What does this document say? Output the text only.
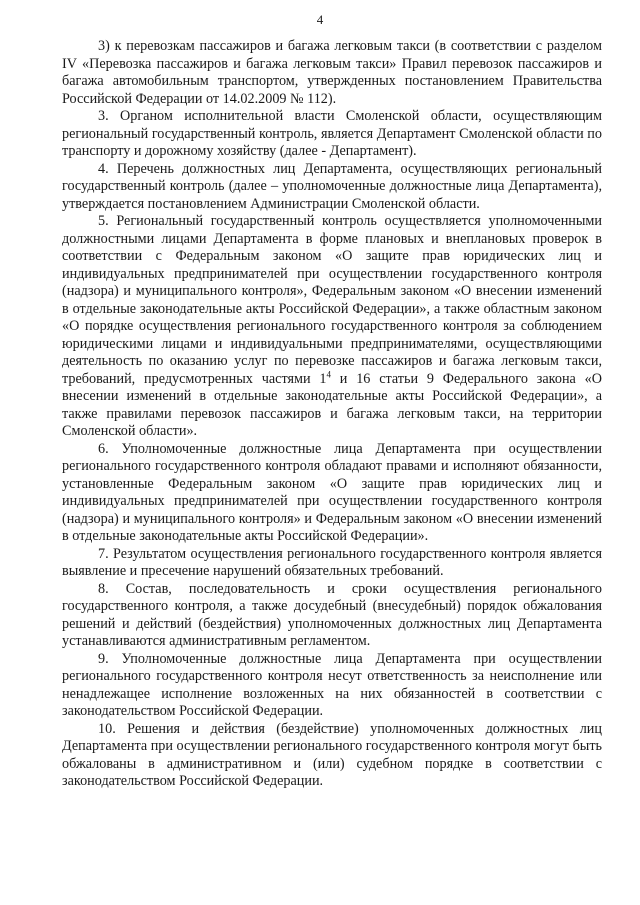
4

3) к перевозкам пассажиров и багажа легковым такси (в соответствии с разделом IV «Перевозка пассажиров и багажа легковым такси» Правил перевозок пассажиров и багажа автомобильным транспортом, утвержденных постановлением Правительства Российской Федерации от 14.02.2009 № 112).

3. Органом исполнительной власти Смоленской области, осуществляющим региональный государственный контроль, является Департамент Смоленской области по транспорту и дорожному хозяйству (далее - Департамент).

4. Перечень должностных лиц Департамента, осуществляющих региональный государственный контроль (далее – уполномоченные должностные лица Департамента), утверждается постановлением Администрации Смоленской области.

5. Региональный государственный контроль осуществляется уполномоченными должностными лицами Департамента в форме плановых и внеплановых проверок в соответствии с Федеральным законом «О защите прав юридических лиц и индивидуальных предпринимателей при осуществлении государственного контроля (надзора) и муниципального контроля», Федеральным законом «О внесении изменений в отдельные законодательные акты Российской Федерации», а также областным законом «О порядке осуществления регионального государственного контроля за соблюдением юридическими лицами и индивидуальными предпринимателями, осуществляющими деятельность по оказанию услуг по перевозке пассажиров и багажа легковым такси, требований, предусмотренных частями $1^4$ и 16 статьи 9 Федерального закона «О внесении изменений в отдельные законодательные акты Российской Федерации», а также правилами перевозок пассажиров и багажа легковым такси, на территории Смоленской области».

6. Уполномоченные должностные лица Департамента при осуществлении регионального государственного контроля обладают правами и исполняют обязанности, установленные Федеральным законом «О защите прав юридических лиц и индивидуальных предпринимателей при осуществлении государственного контроля (надзора) и муниципального контроля» и Федеральным законом «О внесении изменений в отдельные законодательные акты Российской Федерации».

7. Результатом осуществления регионального государственного контроля является выявление и пресечение нарушений обязательных требований.

8. Состав, последовательность и сроки осуществления регионального государственного контроля, а также досудебный (внесудебный) порядок обжалования решений и действий (бездействия) уполномоченных должностных лиц Департамента устанавливаются административным регламентом.

9. Уполномоченные должностные лица Департамента при осуществлении регионального государственного контроля несут ответственность за неисполнение или ненадлежащее исполнение возложенных на них обязанностей в соответствии с законодательством Российской Федерации.

10. Решения и действия (бездействие) уполномоченных должностных лиц Департамента при осуществлении регионального государственного контроля могут быть обжалованы в административном и (или) судебном порядке в соответствии с законодательством Российской Федерации.
